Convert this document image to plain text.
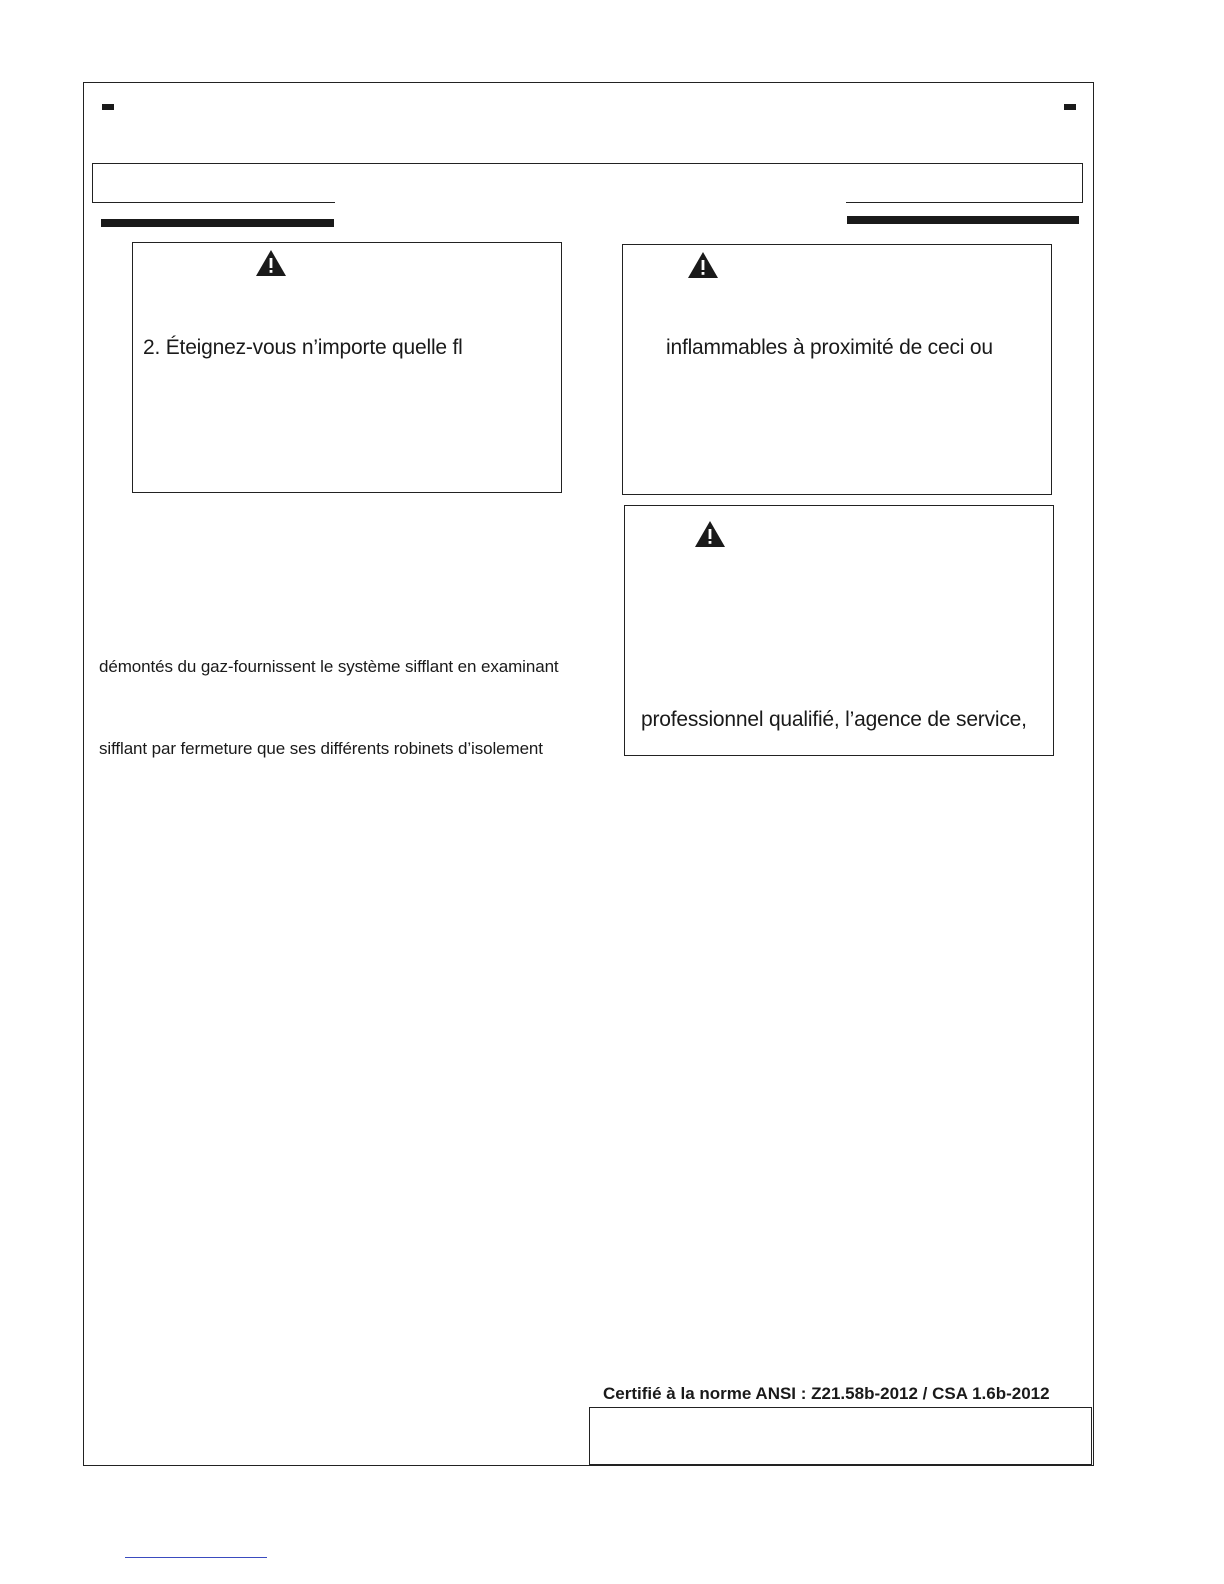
2. Éteignez-vous n’importe quelle fl	inflammables à proximité de ceci ou
professionnel qualifié, l’agence de service,
démontés du gaz-fournissent le système sifflant en examinant
sifflant par fermeture que ses différents robinets d’isolement
Certifié à la norme ANSI : Z21.58b-2012 / CSA 1.6b-2012
